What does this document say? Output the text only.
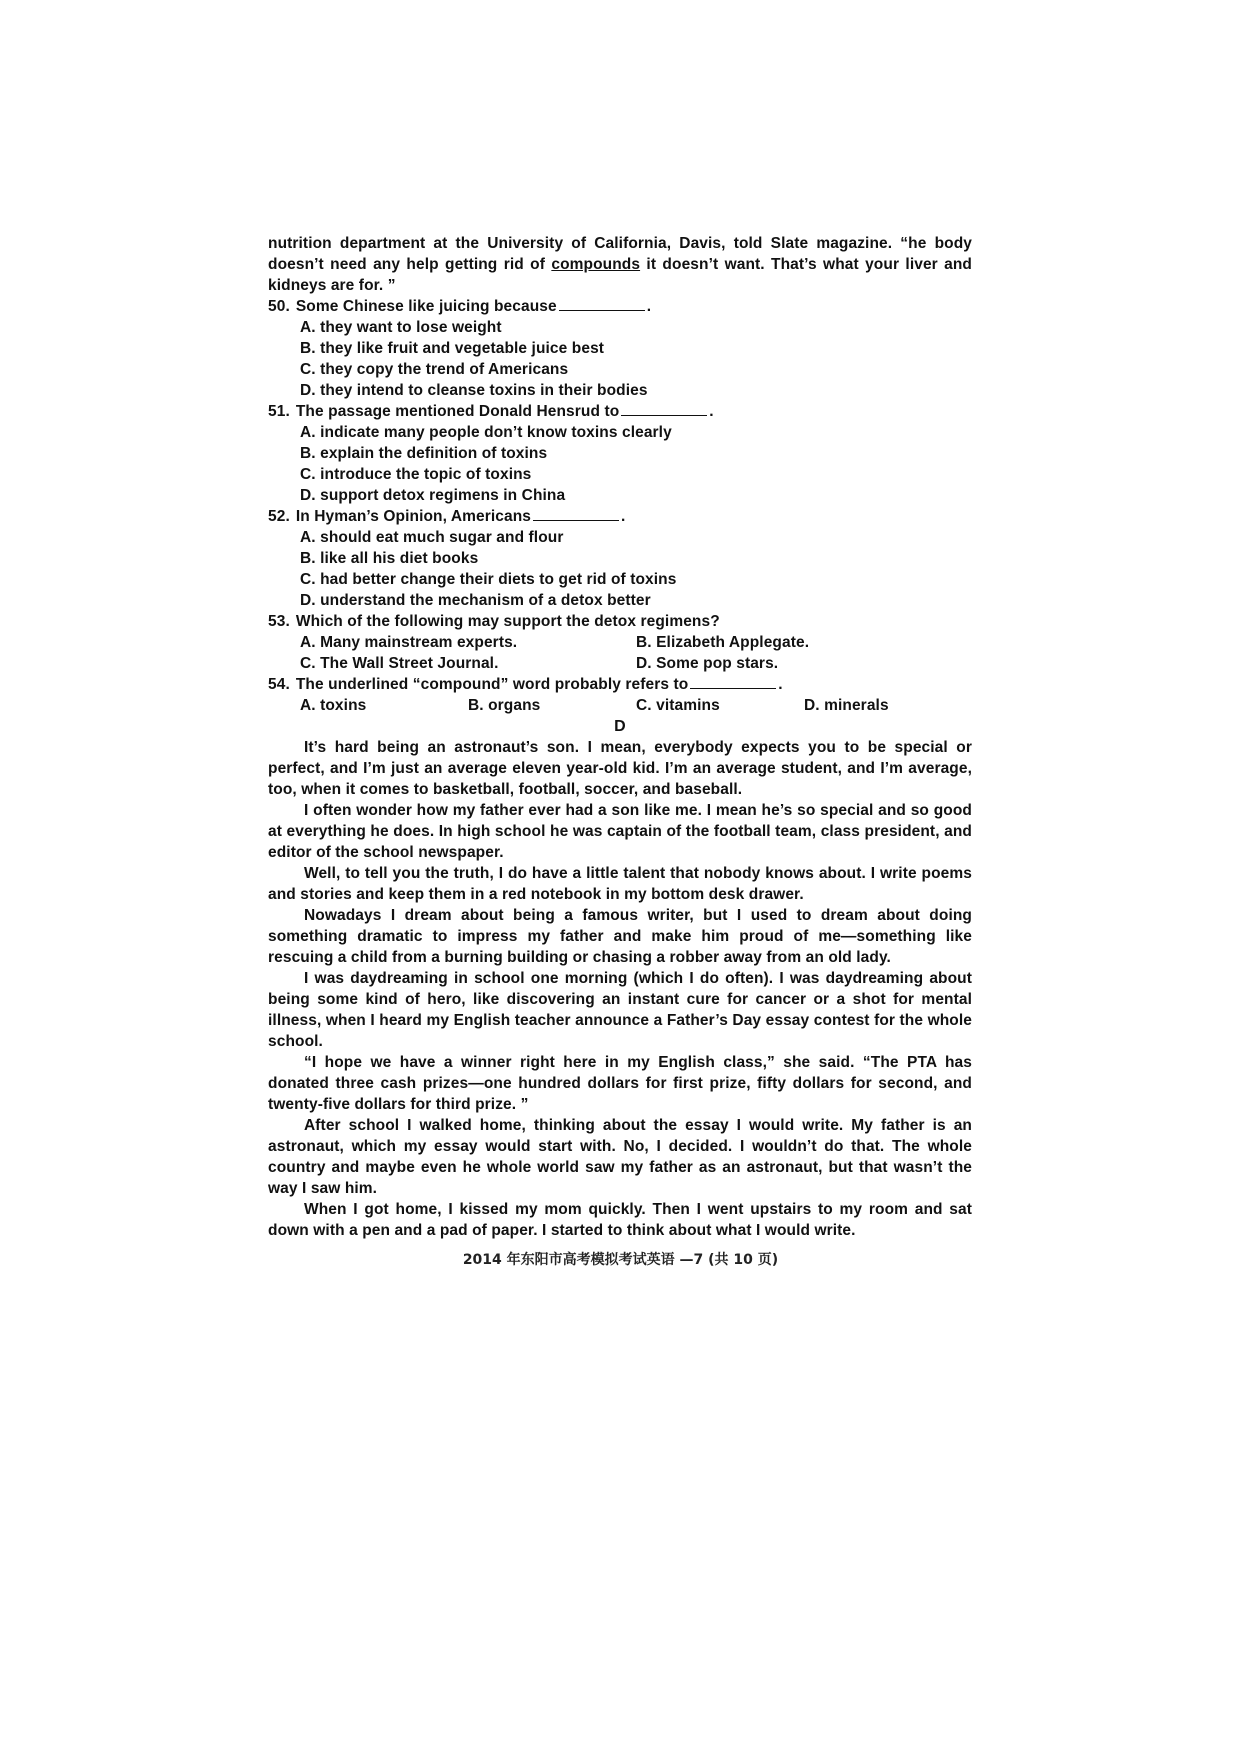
nutrition department at the University of California, Davis, told Slate magazine. “he body doesn’t need any help getting rid of compounds it doesn’t want. That’s what your liver and kidneys are for. ”

50. Some Chinese like juicing because	.

A. they want to lose weight

B. they like fruit and vegetable juice best

C. they copy the trend of Americans

D. they intend to cleanse toxins in their bodies

51. The passage mentioned Donald Hensrud to	.

A. indicate many people don’t know toxins clearly

B. explain the definition of toxins

C. introduce the topic of toxins

D. support detox regimens in China

52. In Hyman’s Opinion, Americans	.

A. should eat much sugar and flour

B. like all his diet books

C. had better change their diets to get rid of toxins

D. understand the mechanism of a detox better

53. Which of the following may support the detox regimens?

A. Many mainstream experts.	B. Elizabeth Applegate.
C. The Wall Street Journal.	D. Some pop stars.

54. The underlined “compound” word probably refers to	.

A. toxins	B. organs	C. vitamins	D. minerals

D

It’s hard being an astronaut’s son. I mean, everybody expects you to be special or perfect, and I’m just an average eleven year-old kid. I’m an average student, and I’m average, too, when it comes to basketball, football, soccer, and baseball.

I often wonder how my father ever had a son like me. I mean he’s so special and so good at everything he does. In high school he was captain of the football team, class president, and editor of the school newspaper.

Well, to tell you the truth, I do have a little talent that nobody knows about. I write poems and stories and keep them in a red notebook in my bottom desk drawer.

Nowadays I dream about being a famous writer, but I used to dream about doing something dramatic to impress my father and make him proud of me—something like rescuing a child from a burning building or chasing a robber away from an old lady.

I was daydreaming in school one morning (which I do often). I was daydreaming about being some kind of hero, like discovering an instant cure for cancer or a shot for mental illness, when I heard my English teacher announce a Father’s Day essay contest for the whole school.

“I hope we have a winner right here in my English class,” she said. “The PTA has donated three cash prizes—one hundred dollars for first prize, fifty dollars for second, and twenty-five dollars for third prize. ”

After school I walked home, thinking about the essay I would write. My father is an astronaut, which my essay would start with. No, I decided. I wouldn’t do that. The whole country and maybe even he whole world saw my father as an astronaut, but that wasn’t the way I saw him.

When I got home, I kissed my mom quickly. Then I went upstairs to my room and sat down with a pen and a pad of paper. I started to think about what I would write.

2014 年东阳市高考模拟考试英语 —7 (共 10 页)
